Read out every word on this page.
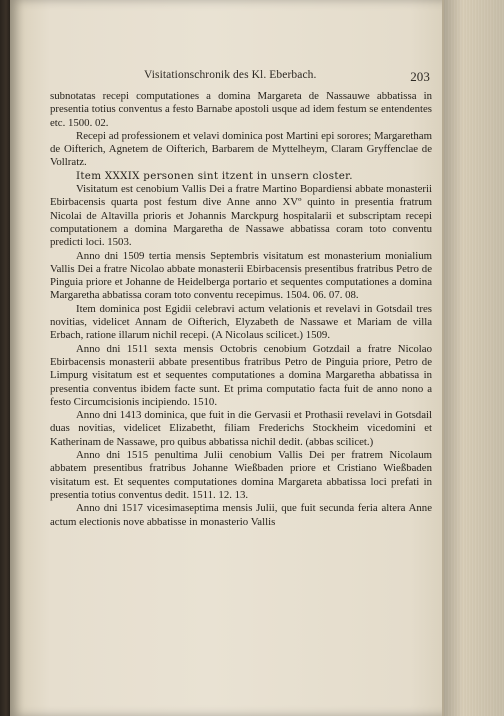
Visitationschronik des Kl. Eberbach.	203

subnotatas recepi computationes a domina Margareta de Nassauwe abbatissa in presentia totius conventus a festo Barnabe apostoli usque ad idem festum se entendentes etc. 1500. 02.

Recepi ad professionem et velavi dominica post Martini epi sorores; Margaretham de Oifterich, Agnetem de Oifterich, Barbarem de Myttelheym, Claram Gryffenclae de Vollratz.

Item XXXIX personen sint itzent in unsern closter.

Visitatum est cenobium Vallis Dei a fratre Martino Bopardiensi abbate monasterii Ebirbacensis quarta post festum dive Anne anno XVº quinto in presentia fratrum Nicolai de Altavilla prioris et Johannis Marckpurg hospitalarii et subscriptam recepi computationem a domina Margaretha de Nassawe abbatissa coram toto conventu predicti loci. 1503.

Anno dni 1509 tertia mensis Septembris visitatum est monasterium monialium Vallis Dei a fratre Nicolao abbate monasterii Ebirbacensis presentibus fratribus Petro de Pinguia priore et Johanne de Heidelberga portario et sequentes computationes a domina Margaretha abbatissa coram toto conventu recepimus. 1504. 06. 07. 08.

Item dominica post Egidii celebravi actum velationis et revelavi in Gotsdail tres novitias, videlicet Annam de Oifterich, Elyzabeth de Nassawe et Mariam de villa Erbach, ratione illarum nichil recepi. (A Nicolaus scilicet.) 1509.

Anno dni 1511 sexta mensis Octobris cenobium Gotzdail a fratre Nicolao Ebirbacensis monasterii abbate presentibus fratribus Petro de Pinguia priore, Petro de Limpurg visitatum est et sequentes computationes a domina Margaretha abbatissa in presentia conventus ibidem facte sunt. Et prima computatio facta fuit de anno nono a festo Circumcisionis incipiendo. 1510.

Anno dni 1413 dominica, que fuit in die Gervasii et Prothasii revelavi in Gotsdail duas novitias, videlicet Elizabetht, filiam Frederichs Stockheim vicedomini et Katherinam de Nassawe, pro quibus abbatissa nichil dedit. (abbas scilicet.)

Anno dni 1515 penultima Julii cenobium Vallis Dei per fratrem Nicolaum abbatem presentibus fratribus Johanne Wießbaden priore et Cristiano Wießbaden visitatum est. Et sequentes computationes domina Margareta abbatissa loci prefati in presentia totius conventus dedit. 1511. 12. 13.

Anno dni 1517 vicesimaseptima mensis Julii, que fuit secunda feria altera Anne actum electionis nove abbatisse in monasterio Vallis
